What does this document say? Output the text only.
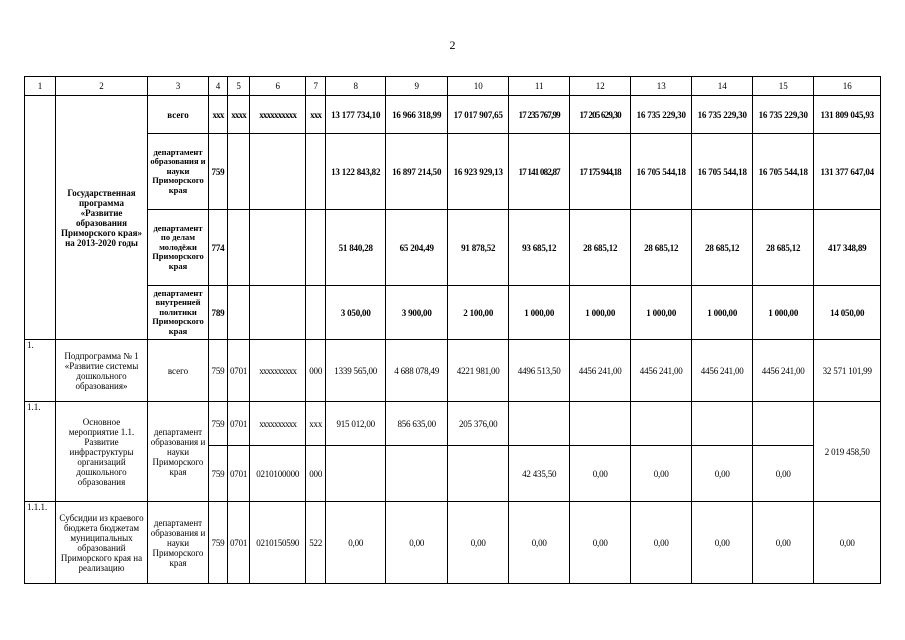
2
1	2	3	4	5	6	7	8	9	10	11	12	13	14	15	16
	Государственная программа «Развитие образования Приморского края» на 2013-2020 годы	всего	xxx	xxxx	xxxxxxxxxx	xxx	13 177 734,10	16 966 318,99	17 017 907,65	17 235 767,99	17 205 629,30	16 735 229,30	16 735 229,30	16 735 229,30	131 809 045,93
		департамент образования и науки Приморского края	759				13 122 843,82	16 897 214,50	16 923 929,13	17 141 082,87	17 175 944,18	16 705 544,18	16 705 544,18	16 705 544,18	131 377 647,04
		департамент по делам молодёжи Приморского края	774				51 840,28	65 204,49	91 878,52	93 685,12	28 685,12	28 685,12	28 685,12	28 685,12	417 348,89
		департамент внутренней политики Приморского края	789				3 050,00	3 900,00	2 100,00	1 000,00	1 000,00	1 000,00	1 000,00	1 000,00	14 050,00
1.	Подпрограмма № 1 «Развитие системы дошкольного образования»	всего	759	0701	xxxxxxxxxx	000	1339 565,00	4 688 078,49	4221 981,00	4496 513,50	4456 241,00	4456 241,00	4456 241,00	4456 241,00	32 571 101,99
1.1.	Основное мероприятие 1.1. Развитие инфраструктуры организаций дошкольного образования	департамент образования и науки Приморского края	759	0701	xxxxxxxxxx	xxx	915 012,00	856 635,00	205 376,00						2 019 458,50
			759	0701	0210100000	000				42 435,50	0,00	0,00	0,00	0,00	
1.1.1.	Субсидии из краевого бюджета бюджетам муниципальных образований Приморского края на реализацию	департамент образования и науки Приморского края	759	0701	0210150590	522	0,00	0,00	0,00	0,00	0,00	0,00	0,00	0,00	0,00
